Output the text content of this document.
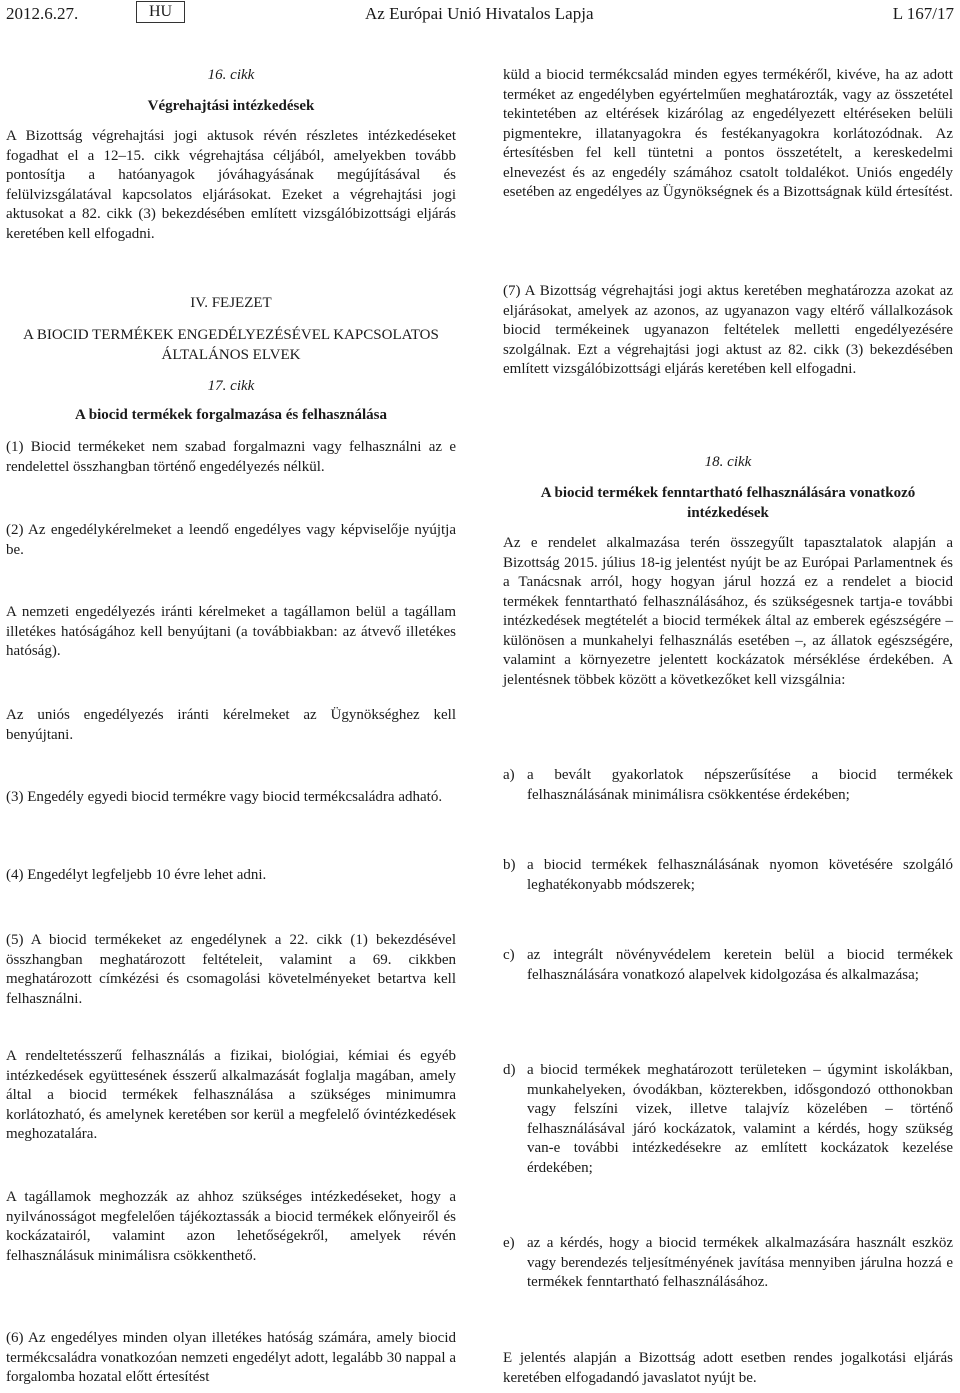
2012.6.27.	HU	Az Európai Unió Hivatalos Lapja	L 167/17
16. cikk
Végrehajtási intézkedések

A Bizottság végrehajtási jogi aktusok révén részletes intézkedéseket fogadhat el a 12–15. cikk végrehajtása céljából, amelyekben tovább pontosítja a hatóanyagok jóváhagyásának megújításával és felülvizsgálatával kapcsolatos eljárásokat. Ezeket a végrehajtási jogi aktusokat a 82. cikk (3) bekezdésében említett vizsgálóbizottsági eljárás keretében kell elfogadni.

IV. FEJEZET
A BIOCID TERMÉKEK ENGEDÉLYEZÉSÉVEL KAPCSOLATOS ÁLTALÁNOS ELVEK
17. cikk
A biocid termékek forgalmazása és felhasználása

(1) Biocid termékeket nem szabad forgalmazni vagy felhasználni az e rendelettel összhangban történő engedélyezés nélkül.

(2) Az engedélykérelmeket a leendő engedélyes vagy képviselője nyújtja be.

A nemzeti engedélyezés iránti kérelmeket a tagállamon belül a tagállam illetékes hatóságához kell benyújtani (a továbbiakban: az átvevő illetékes hatóság).

Az uniós engedélyezés iránti kérelmeket az Ügynökséghez kell benyújtani.

(3) Engedély egyedi biocid termékre vagy biocid termékcsaládra adható.

(4) Engedélyt legfeljebb 10 évre lehet adni.

(5) A biocid termékeket az engedélynek a 22. cikk (1) bekezdésével összhangban meghatározott feltételeit, valamint a 69. cikkben meghatározott címkézési és csomagolási követelményeket betartva kell felhasználni.

A rendeltetésszerű felhasználás a fizikai, biológiai, kémiai és egyéb intézkedések együttesének ésszerű alkalmazását foglalja magában, amely által a biocid termékek felhasználása a szükséges minimumra korlátozható, és amelynek keretében sor kerül a megfelelő óvintézkedések meghozatalára.

A tagállamok meghozzák az ahhoz szükséges intézkedéseket, hogy a nyilvánosságot megfelelően tájékoztassák a biocid termékek előnyeiről és kockázatairól, valamint azon lehetőségekről, amelyek révén felhasználásuk minimálisra csökkenthető.

(6) Az engedélyes minden olyan illetékes hatóság számára, amely biocid termékcsaládra vonatkozóan nemzeti engedélyt adott, legalább 30 nappal a forgalomba hozatal előtt értesítést

küld a biocid termékcsalád minden egyes termékéről, kivéve, ha az adott terméket az engedélyben egyértelműen meghatározták, vagy az összetétel tekintetében az eltérések kizárólag az engedélyezett eltéréseken belüli pigmentekre, illatanyagokra és festékanyagokra korlátozódnak. Az értesítésben fel kell tüntetni a pontos összetételt, a kereskedelmi elnevezést és az engedély számához csatolt toldalékot. Uniós engedély esetében az engedélyes az Ügynökségnek és a Bizottságnak küld értesítést.

(7) A Bizottság végrehajtási jogi aktus keretében meghatározza azokat az eljárásokat, amelyek az azonos, az ugyanazon vagy eltérő vállalkozások biocid termékeinek ugyanazon feltételek melletti engedélyezésére szolgálnak. Ezt a végrehajtási jogi aktust az 82. cikk (3) bekezdésében említett vizsgálóbizottsági eljárás keretében kell elfogadni.

18. cikk
A biocid termékek fenntartható felhasználására vonatkozó intézkedések

Az e rendelet alkalmazása terén összegyűlt tapasztalatok alapján a Bizottság 2015. július 18-ig jelentést nyújt be az Európai Parlamentnek és a Tanácsnak arról, hogy hogyan járul hozzá ez a rendelet a biocid termékek fenntartható felhasználásához, és szükségesnek tartja-e további intézkedések megtételét a biocid termékek által az emberek egészségére – különösen a munkahelyi felhasználás esetében –, az állatok egészségére, valamint a környezetre jelentett kockázatok mérséklése érdekében. A jelentésnek többek között a következőket kell vizsgálnia:

a) a bevált gyakorlatok népszerűsítése a biocid termékek felhasználásának minimálisra csökkentése érdekében;
b) a biocid termékek felhasználásának nyomon követésére szolgáló leghatékonyabb módszerek;
c) az integrált növényvédelem keretein belül a biocid termékek felhasználására vonatkozó alapelvek kidolgozása és alkalmazása;
d) a biocid termékek meghatározott területeken – úgymint iskolákban, munkahelyeken, óvodákban, közterekben, idősgondozó otthonokban vagy felszíni vizek, illetve talajvíz közelében – történő felhasználásával járó kockázatok, valamint a kérdés, hogy szükség van-e további intézkedésekre az említett kockázatok kezelése érdekében;
e) az a kérdés, hogy a biocid termékek alkalmazására használt eszköz vagy berendezés teljesítményének javítása mennyiben járulna hozzá e termékek fenntartható felhasználásához.

E jelentés alapján a Bizottság adott esetben rendes jogalkotási eljárás keretében elfogadandó javaslatot nyújt be.
